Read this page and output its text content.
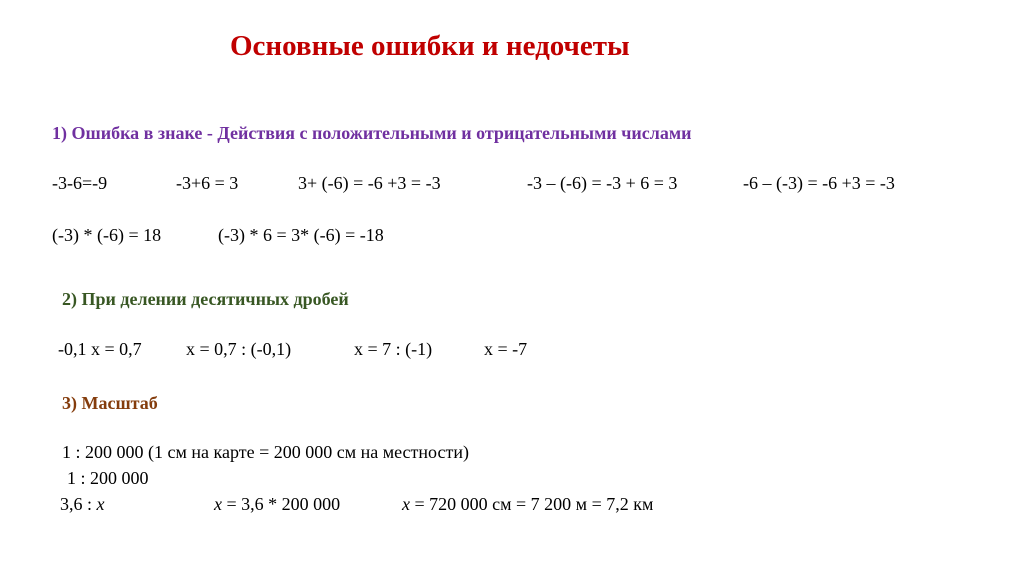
Основные ошибки и недочеты
1) Ошибка в знаке - Действия с положительными и отрицательными числами
-3-6=-9	-3+6 = 3	3+ (-6) = -6 +3 = -3	-3 – (-6) = -3 + 6 = 3	-6 – (-3) = -6 +3 = -3
(-3) * (-6) = 18	(-3) * 6 = 3* (-6) = -18
2) При делении десятичных дробей
-0,1 х = 0,7 х = 0,7 : (-0,1)	х = 7 : (-1)	х = -7
3) Масштаб
1 : 200 000 (1 см на карте = 200 000 см на местности)
1 : 200 000
3,6 : х	х = 3,6 * 200 000	х = 720 000 см = 7 200 м = 7,2 км
